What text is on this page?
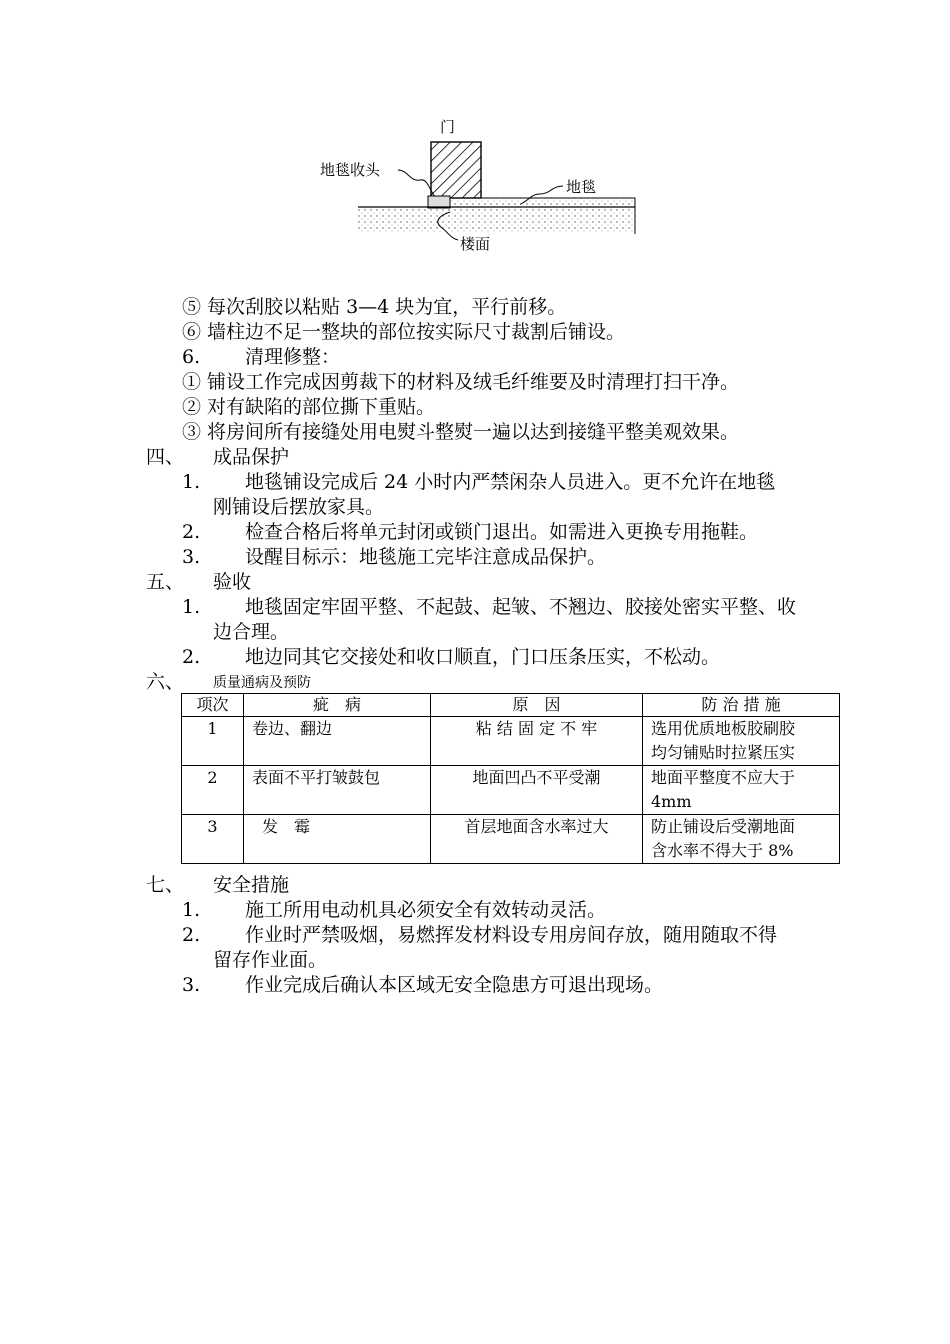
门
地毯收头
地毯
楼面
⑤ 每次刮胶以粘贴 3—4 块为宜，平行前移。
⑥ 墙柱边不足一整块的部位按实际尺寸裁割后铺设。
6. 清理修整：
① 铺设工作完成因剪裁下的材料及绒毛纤维要及时清理打扫干净。
② 对有缺陷的部位撕下重贴。
③ 将房间所有接缝处用电熨斗整熨一遍以达到接缝平整美观效果。
四、 成品保护
1. 地毯铺设完成后 24 小时内严禁闲杂人员进入。更不允许在地毯
刚铺设后摆放家具。
2. 检查合格后将单元封闭或锁门退出。如需进入更换专用拖鞋。
3. 设醒目标示：地毯施工完毕注意成品保护。
五、 验收
1. 地毯固定牢固平整、不起鼓、起皱、不翘边、胶接处密实平整、收
边合理。
2. 地边同其它交接处和收口顺直，门口压条压实，不松动。
六、 质量通病及预防
项次	疵　病	原　因	防 治 措 施
1	卷边、翻边	粘 结 固 定 不 牢	选用优质地板胶刷胶
均匀铺贴时拉紧压实

2	表面不平打皱鼓包	地面凹凸不平受潮	地面平整度不应大于
4mm

3	发　霉	首层地面含水率过大	防止铺设后受潮地面
含水率不得大于 8%
七、 安全措施
1. 施工所用电动机具必须安全有效转动灵活。
2. 作业时严禁吸烟，易燃挥发材料设专用房间存放，随用随取不得
留存作业面。
3. 作业完成后确认本区域无安全隐患方可退出现场。
